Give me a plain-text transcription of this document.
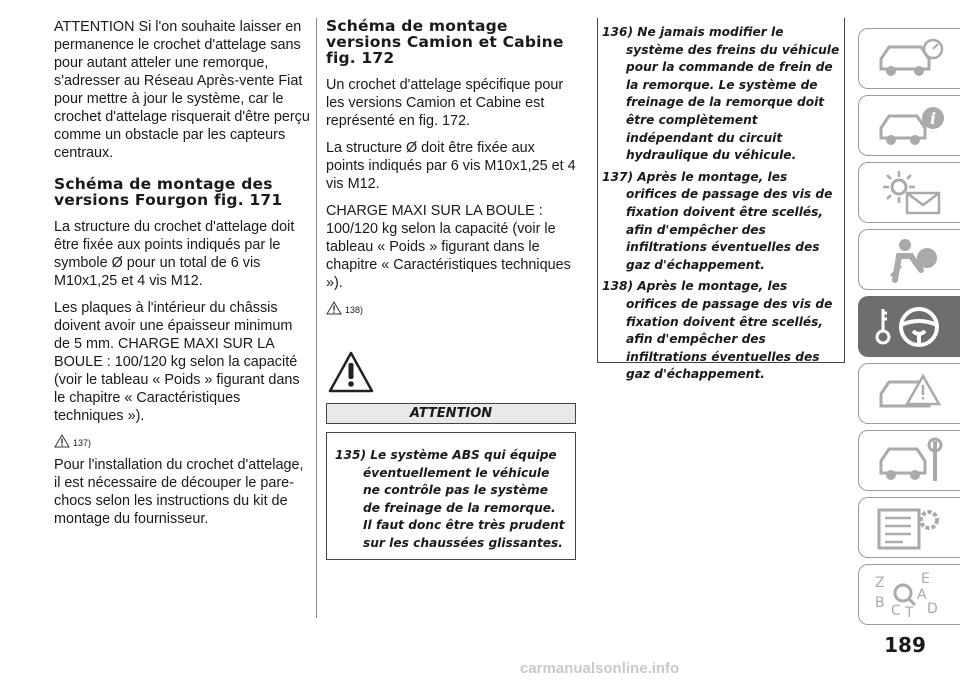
ATTENTION Si l'on souhaite laisser en permanence le crochet d'attelage sans pour autant atteler une remorque, s'adresser au Réseau Après-vente Fiat pour mettre à jour le système, car le crochet d'attelage risquerait d'être perçu comme un obstacle par les capteurs centraux.

Schéma de montage des versions Fourgon fig. 171

La structure du crochet d'attelage doit être fixée aux points indiqués par le symbole Ø pour un total de 6 vis M10x1,25 et 4 vis M12.

Les plaques à l'intérieur du châssis doivent avoir une épaisseur minimum de 5 mm. CHARGE MAXI SUR LA BOULE : 100/120 kg selon la capacité (voir le tableau « Poids » figurant dans le chapitre « Caractéristiques techniques »).

137)

Pour l'installation du crochet d'attelage, il est nécessaire de découper le pare-chocs selon les instructions du kit de montage du fournisseur.

Schéma de montage versions Camion et Cabine fig. 172

Un crochet d'attelage spécifique pour les versions Camion et Cabine est représenté en fig. 172.

La structure Ø doit être fixée aux points indiqués par 6 vis M10x1,25 et 4 vis M12.

CHARGE MAXI SUR LA BOULE : 100/120 kg selon la capacité (voir le tableau « Poids » figurant dans le chapitre « Caractéristiques techniques »).

138)
ATTENTION

135) Le système ABS qui équipe éventuellement le véhicule ne contrôle pas le système de freinage de la remorque. Il faut donc être très prudent sur les chaussées glissantes.

136) Ne jamais modifier le système des freins du véhicule pour la commande de frein de la remorque. Le système de freinage de la remorque doit être complètement indépendant du circuit hydraulique du véhicule.

137) Après le montage, les orifices de passage des vis de fixation doivent être scellés, afin d'empêcher des infiltrations éventuelles des gaz d'échappement.

138) Après le montage, les orifices de passage des vis de fixation doivent être scellés, afin d'empêcher des infiltrations éventuelles des gaz d'échappement.

i
Z	E
A
B C T D
189
carmanualsonline.info
